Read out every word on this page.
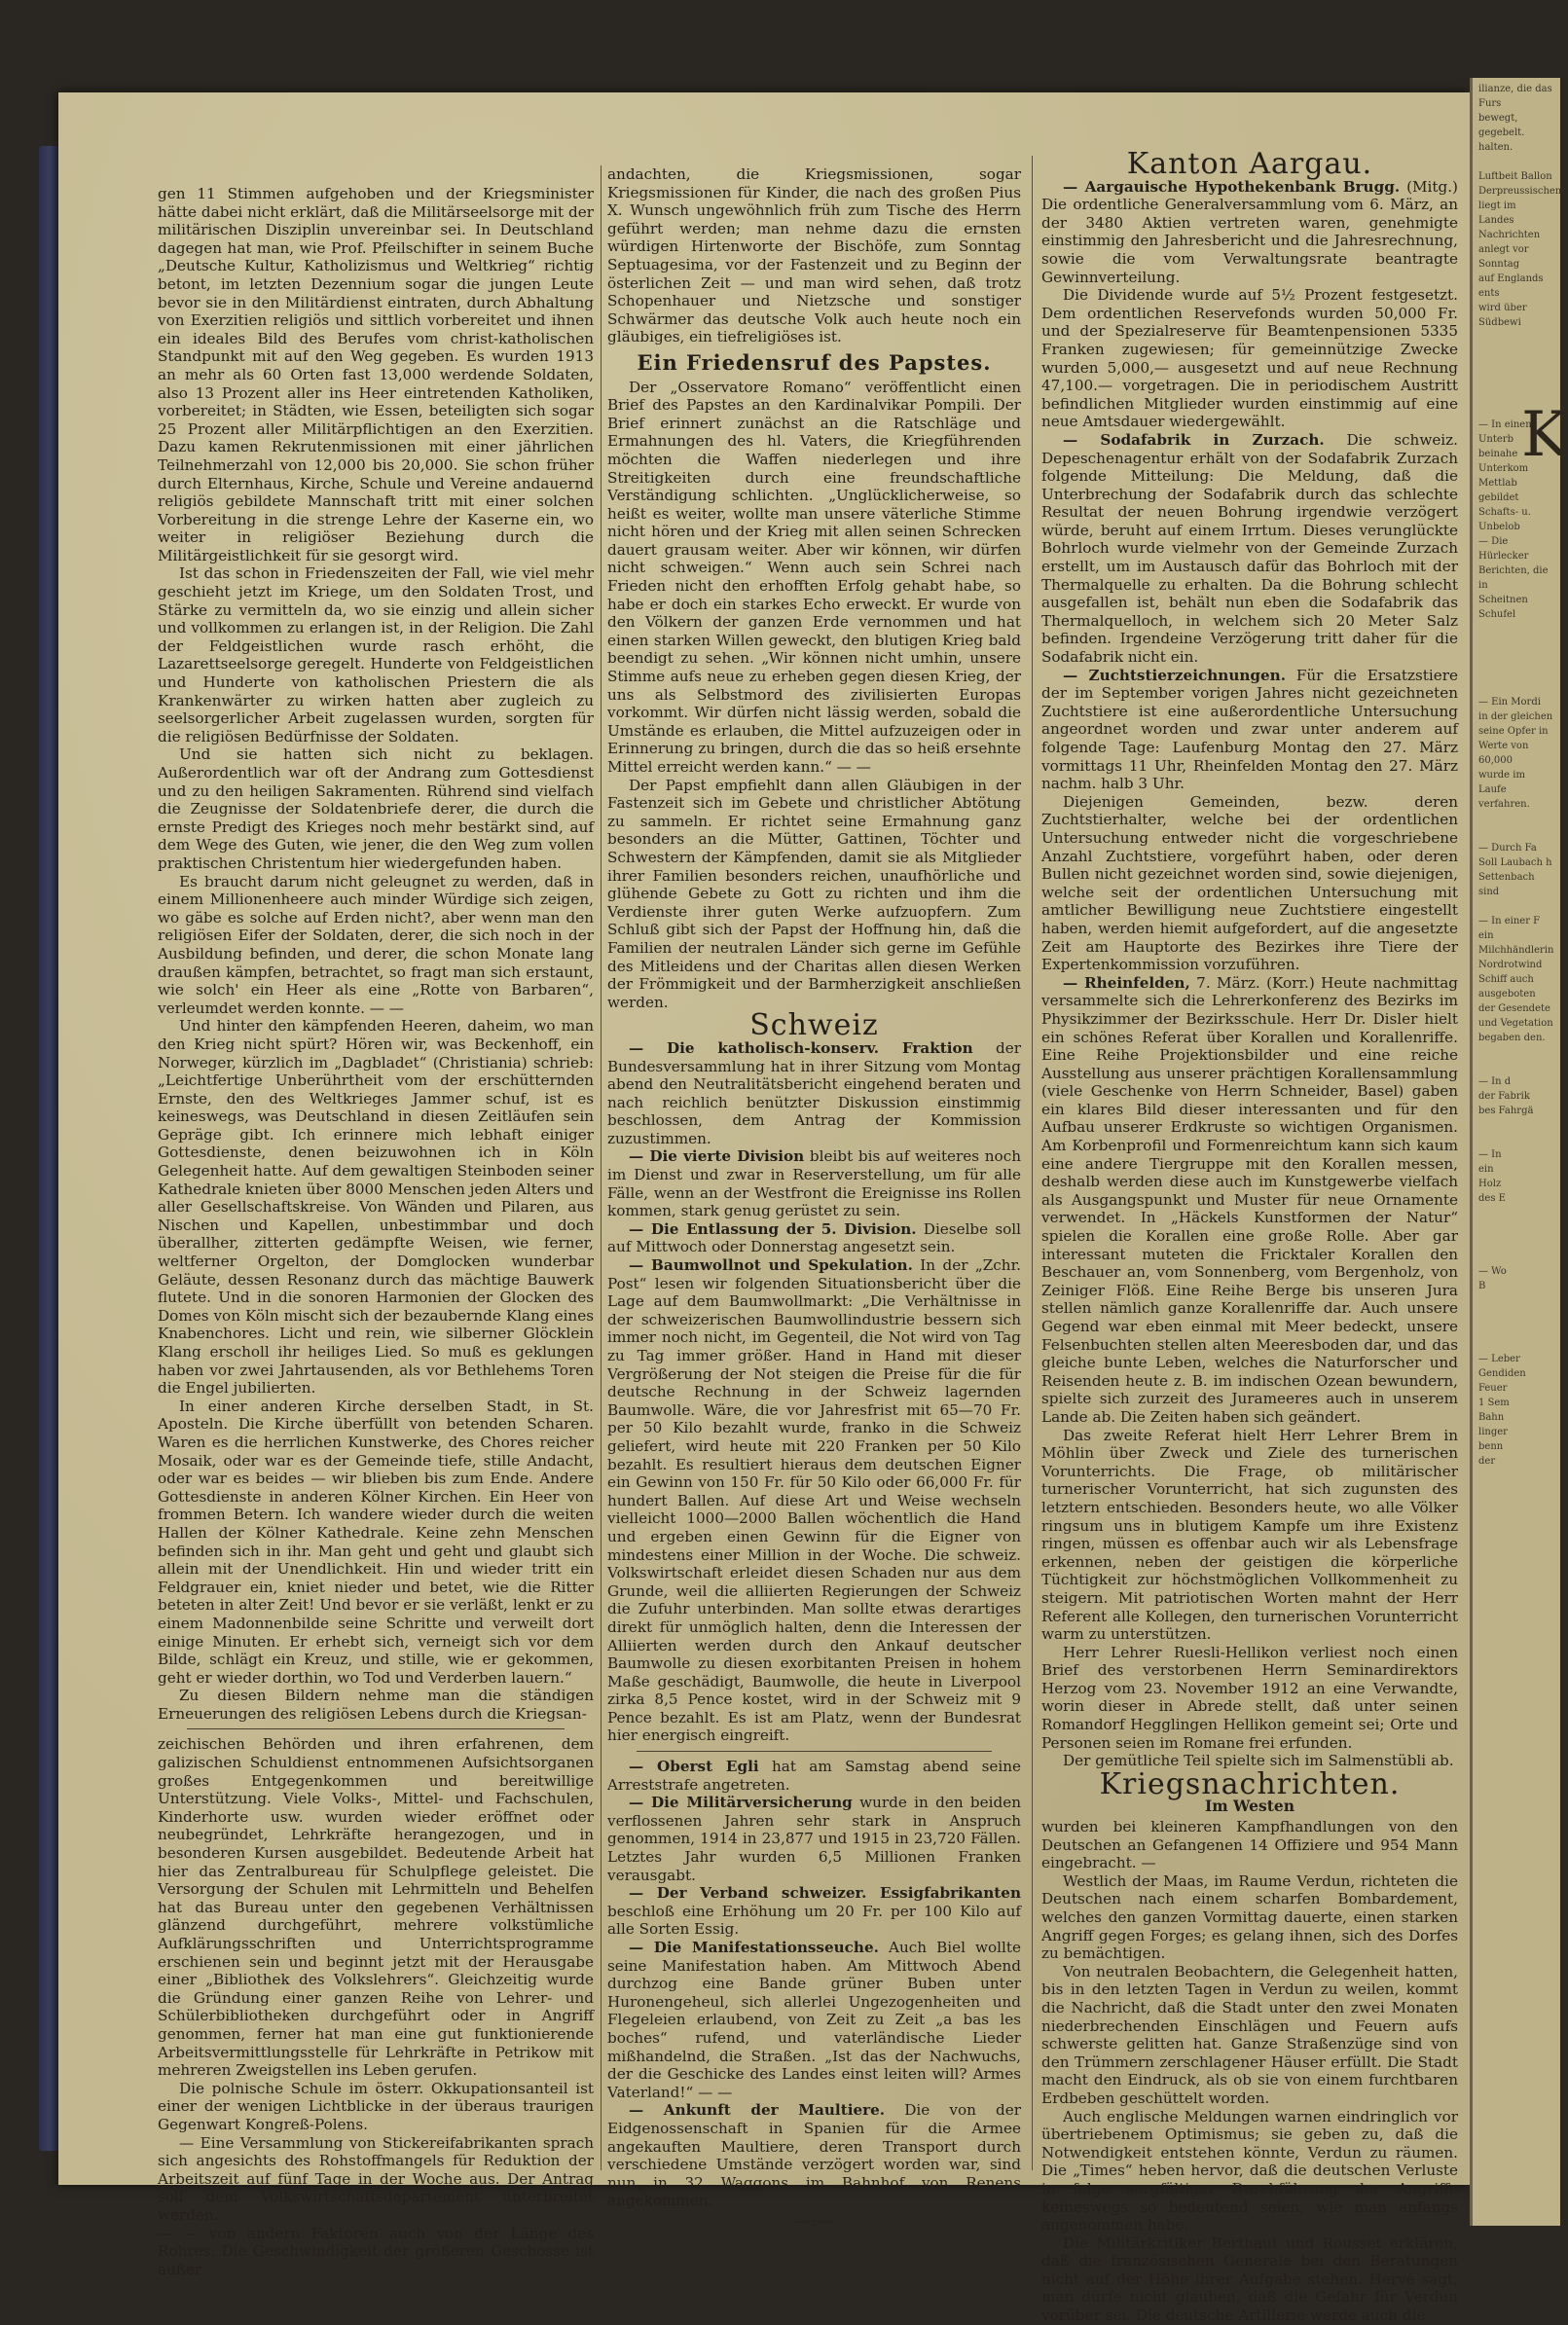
gen 11 Stimmen aufgehoben und der Kriegsminister hätte dabei nicht erklärt, daß die Militärseelsorge mit der militärischen Disziplin unvereinbar sei. In Deutschland dagegen hat man, wie Prof. Pfeilschifter in seinem Buche „Deutsche Kultur, Katholizismus und Weltkrieg“ richtig betont, im letzten Dezennium sogar die jungen Leute bevor sie in den Militärdienst eintraten, durch Abhaltung von Exerzitien religiös und sittlich vorbereitet und ihnen ein ideales Bild des Berufes vom christ-katholischen Standpunkt mit auf den Weg gegeben. Es wurden 1913 an mehr als 60 Orten fast 13,000 werdende Soldaten, also 13 Prozent aller ins Heer eintretenden Katholiken, vorbereitet; in Städten, wie Essen, beteiligten sich sogar 25 Prozent aller Militärpflichtigen an den Exerzitien. Dazu kamen Rekrutenmissionen mit einer jährlichen Teilnehmerzahl von 12,000 bis 20,000. Sie schon früher durch Elternhaus, Kirche, Schule und Vereine andauernd religiös gebildete Mannschaft tritt mit einer solchen Vorbereitung in die strenge Lehre der Kaserne ein, wo weiter in religiöser Beziehung durch die Militärgeistlichkeit für sie gesorgt wird.

Ist das schon in Friedenszeiten der Fall, wie viel mehr geschieht jetzt im Kriege, um den Soldaten Trost, und Stärke zu vermitteln da, wo sie einzig und allein sicher und vollkommen zu erlangen ist, in der Religion. Die Zahl der Feldgeistlichen wurde rasch erhöht, die Lazarettseelsorge geregelt. Hunderte von Feldgeistlichen und Hunderte von katholischen Priestern die als Krankenwärter zu wirken hatten aber zugleich zu seelsorgerlicher Arbeit zugelassen wurden, sorgten für die religiösen Bedürfnisse der Soldaten.

Und sie hatten sich nicht zu beklagen. Außerordentlich war oft der Andrang zum Gottesdienst und zu den heiligen Sakramenten. Rührend sind vielfach die Zeugnisse der Soldatenbriefe derer, die durch die ernste Predigt des Krieges noch mehr bestärkt sind, auf dem Wege des Guten, wie jener, die den Weg zum vollen praktischen Christentum hier wiedergefunden haben.

Es braucht darum nicht geleugnet zu werden, daß in einem Millionenheere auch minder Würdige sich zeigen, wo gäbe es solche auf Erden nicht?, aber wenn man den religiösen Eifer der Soldaten, derer, die sich noch in der Ausbildung befinden, und derer, die schon Monate lang draußen kämpfen, betrachtet, so fragt man sich erstaunt, wie solch' ein Heer als eine „Rotte von Barbaren“, verleumdet werden konnte. — —

Und hinter den kämpfenden Heeren, daheim, wo man den Krieg nicht spürt? Hören wir, was Beckenhoff, ein Norweger, kürzlich im „Dagbladet“ (Christiania) schrieb: „Leichtfertige Unberührtheit vom der erschütternden Ernste, den des Weltkrieges Jammer schuf, ist es keineswegs, was Deutschland in diesen Zeitläufen sein Gepräge gibt. Ich erinnere mich lebhaft einiger Gottesdienste, denen beizuwohnen ich in Köln Gelegenheit hatte. Auf dem gewaltigen Steinboden seiner Kathedrale knieten über 8000 Menschen jeden Alters und aller Gesellschaftskreise. Von Wänden und Pilaren, aus Nischen und Kapellen, unbestimmbar und doch überallher, zitterten gedämpfte Weisen, wie ferner, weltferner Orgelton, der Domglocken wunderbar Geläute, dessen Resonanz durch das mächtige Bauwerk flutete. Und in die sonoren Harmonien der Glocken des Domes von Köln mischt sich der bezaubernde Klang eines Knabenchores. Licht und rein, wie silberner Glöcklein Klang erscholl ihr heiliges Lied. So muß es geklungen haben vor zwei Jahrtausenden, als vor Bethlehems Toren die Engel jubilierten.

In einer anderen Kirche derselben Stadt, in St. Aposteln. Die Kirche überfüllt von betenden Scharen. Waren es die herrlichen Kunstwerke, des Chores reicher Mosaik, oder war es der Gemeinde tiefe, stille Andacht, oder war es beides — wir blieben bis zum Ende. Andere Gottesdienste in anderen Kölner Kirchen. Ein Heer von frommen Betern. Ich wandere wieder durch die weiten Hallen der Kölner Kathedrale. Keine zehn Menschen befinden sich in ihr. Man geht und geht und glaubt sich allein mit der Unendlichkeit. Hin und wieder tritt ein Feldgrauer ein, kniet nieder und betet, wie die Ritter beteten in alter Zeit! Und bevor er sie verläßt, lenkt er zu einem Madonnenbilde seine Schritte und verweilt dort einige Minuten. Er erhebt sich, verneigt sich vor dem Bilde, schlägt ein Kreuz, und stille, wie er gekommen, geht er wieder dorthin, wo Tod und Verderben lauern.“

Zu diesen Bildern nehme man die ständigen Erneuerungen des religiösen Lebens durch die Kriegsan-

zeichischen Behörden und ihren erfahrenen, dem galizischen Schuldienst entnommenen Aufsichtsorganen großes Entgegenkommen und bereitwillige Unterstützung. Viele Volks-, Mittel- und Fachschulen, Kinderhorte usw. wurden wieder eröffnet oder neubegründet, Lehrkräfte herangezogen, und in besonderen Kursen ausgebildet. Bedeutende Arbeit hat hier das Zentralbureau für Schulpflege geleistet. Die Versorgung der Schulen mit Lehrmitteln und Behelfen hat das Bureau unter den gegebenen Verhältnissen glänzend durchgeführt, mehrere volkstümliche Aufklärungsschriften und Unterrichtsprogramme erschienen sein und beginnt jetzt mit der Herausgabe einer „Bibliothek des Volkslehrers“. Gleichzeitig wurde die Gründung einer ganzen Reihe von Lehrer- und Schülerbibliotheken durchgeführt oder in Angriff genommen, ferner hat man eine gut funktionierende Arbeitsvermittlungsstelle für Lehrkräfte in Petrikow mit mehreren Zweigstellen ins Leben gerufen.

Die polnische Schule im österr. Okkupationsanteil ist einer der wenigen Lichtblicke in der überaus traurigen Gegenwart Kongreß-Polens.

— Eine Versammlung von Stickereifabrikanten sprach sich angesichts des Rohstoffmangels für Reduktion der Arbeitszeit auf fünf Tage in der Woche aus. Der Antrag soll dem Volkswirtschaftsdepartement unterbreitet werden.

— — von andern Faktoren auch von der Länge des Rohres. Die Geschwindigkeit der größeren Geschosse ist außer

andachten, die Kriegsmissionen, sogar Kriegsmissionen für Kinder, die nach des großen Pius X. Wunsch ungewöhnlich früh zum Tische des Herrn geführt werden; man nehme dazu die ernsten würdigen Hirtenworte der Bischöfe, zum Sonntag Septuagesima, vor der Fastenzeit und zu Beginn der österlichen Zeit — und man wird sehen, daß trotz Schopenhauer und Nietzsche und sonstiger Schwärmer das deutsche Volk auch heute noch ein gläubiges, ein tiefreligiöses ist.

Ein Friedensruf des Papstes.

Der „Osservatore Romano“ veröffentlicht einen Brief des Papstes an den Kardinalvikar Pompili. Der Brief erinnert zunächst an die Ratschläge und Ermahnungen des hl. Vaters, die Kriegführenden möchten die Waffen niederlegen und ihre Streitigkeiten durch eine freundschaftliche Verständigung schlichten. „Unglücklicherweise, so heißt es weiter, wollte man unsere väterliche Stimme nicht hören und der Krieg mit allen seinen Schrecken dauert grausam weiter. Aber wir können, wir dürfen nicht schweigen.“ Wenn auch sein Schrei nach Frieden nicht den erhofften Erfolg gehabt habe, so habe er doch ein starkes Echo erweckt. Er wurde von den Völkern der ganzen Erde vernommen und hat einen starken Willen geweckt, den blutigen Krieg bald beendigt zu sehen. „Wir können nicht umhin, unsere Stimme aufs neue zu erheben gegen diesen Krieg, der uns als Selbstmord des zivilisierten Europas vorkommt. Wir dürfen nicht lässig werden, sobald die Umstände es erlauben, die Mittel aufzuzeigen oder in Erinnerung zu bringen, durch die das so heiß ersehnte Mittel erreicht werden kann.“ — —

Der Papst empfiehlt dann allen Gläubigen in der Fastenzeit sich im Gebete und christlicher Abtötung zu sammeln. Er richtet seine Ermahnung ganz besonders an die Mütter, Gattinen, Töchter und Schwestern der Kämpfenden, damit sie als Mitglieder ihrer Familien besonders reichen, unaufhörliche und glühende Gebete zu Gott zu richten und ihm die Verdienste ihrer guten Werke aufzuopfern. Zum Schluß gibt sich der Papst der Hoffnung hin, daß die Familien der neutralen Länder sich gerne im Gefühle des Mitleidens und der Charitas allen diesen Werken der Frömmigkeit und der Barmherzigkeit anschließen werden.

Schweiz

— Die katholisch-konserv. Fraktion der Bundesversammlung hat in ihrer Sitzung vom Montag abend den Neutralitätsbericht eingehend beraten und nach reichlich benützter Diskussion einstimmig beschlossen, dem Antrag der Kommission zuzustimmen.

— Die vierte Division bleibt bis auf weiteres noch im Dienst und zwar in Reserverstellung, um für alle Fälle, wenn an der Westfront die Ereignisse ins Rollen kommen, stark genug gerüstet zu sein.

— Die Entlassung der 5. Division. Dieselbe soll auf Mittwoch oder Donnerstag angesetzt sein.

— Baumwollnot und Spekulation. In der „Zchr. Post“ lesen wir folgenden Situationsbericht über die Lage auf dem Baumwollmarkt: „Die Verhältnisse in der schweizerischen Baumwollindustrie bessern sich immer noch nicht, im Gegenteil, die Not wird von Tag zu Tag immer größer. Hand in Hand mit dieser Vergrößerung der Not steigen die Preise für die für deutsche Rechnung in der Schweiz lagernden Baumwolle. Wäre, die vor Jahresfrist mit 65—70 Fr. per 50 Kilo bezahlt wurde, franko in die Schweiz geliefert, wird heute mit 220 Franken per 50 Kilo bezahlt. Es resultiert hieraus dem deutschen Eigner ein Gewinn von 150 Fr. für 50 Kilo oder 66,000 Fr. für hundert Ballen. Auf diese Art und Weise wechseln vielleicht 1000—2000 Ballen wöchentlich die Hand und ergeben einen Gewinn für die Eigner von mindestens einer Million in der Woche. Die schweiz. Volkswirtschaft erleidet diesen Schaden nur aus dem Grunde, weil die alliierten Regierungen der Schweiz die Zufuhr unterbinden. Man sollte etwas derartiges direkt für unmöglich halten, denn die Interessen der Alliierten werden durch den Ankauf deutscher Baumwolle zu diesen exorbitanten Preisen in hohem Maße geschädigt, Baumwolle, die heute in Liverpool zirka 8,5 Pence kostet, wird in der Schweiz mit 9 Pence bezahlt. Es ist am Platz, wenn der Bundesrat hier energisch eingreift.

— Oberst Egli hat am Samstag abend seine Arreststrafe angetreten.

— Die Militärversicherung wurde in den beiden verflossenen Jahren sehr stark in Anspruch genommen, 1914 in 23,877 und 1915 in 23,720 Fällen. Letztes Jahr wurden 6,5 Millionen Franken verausgabt.

— Der Verband schweizer. Essigfabrikanten beschloß eine Erhöhung um 20 Fr. per 100 Kilo auf alle Sorten Essig.

— Die Manifestationsseuche. Auch Biel wollte seine Manifestation haben. Am Mittwoch Abend durchzog eine Bande grüner Buben unter Huronengeheul, sich allerlei Ungezogenheiten und Flegeleien erlaubend, von Zeit zu Zeit „a bas les boches“ rufend, und vaterländische Lieder mißhandelnd, die Straßen. „Ist das der Nachwuchs, der die Geschicke des Landes einst leiten will? Armes Vaterland!“ — —

— Ankunft der Maultiere. Die von der Eidgenossenschaft in Spanien für die Armee angekauften Maultiere, deren Transport durch verschiedene Umstände verzögert worden war, sind nun in 32 Waggons im Bahnhof von Renens angekommen.

—:—
Kanton Aargau.

— Aargauische Hypothekenbank Brugg. (Mitg.) Die ordentliche Generalversammlung vom 6. März, an der 3480 Aktien vertreten waren, genehmigte einstimmig den Jahresbericht und die Jahresrechnung, sowie die vom Verwaltungsrate beantragte Gewinnverteilung.

Die Dividende wurde auf 5½ Prozent festgesetzt. Dem ordentlichen Reservefonds wurden 50,000 Fr. und der Spezialreserve für Beamtenpensionen 5335 Franken zugewiesen; für gemeinnützige Zwecke wurden 5,000,— ausgesetzt und auf neue Rechnung 47,100.— vorgetragen. Die in periodischem Austritt befindlichen Mitglieder wurden einstimmig auf eine neue Amtsdauer wiedergewählt.

— Sodafabrik in Zurzach. Die schweiz. Depeschenagentur erhält von der Sodafabrik Zurzach folgende Mitteilung: Die Meldung, daß die Unterbrechung der Sodafabrik durch das schlechte Resultat der neuen Bohrung irgendwie verzögert würde, beruht auf einem Irrtum. Dieses verunglückte Bohrloch wurde vielmehr von der Gemeinde Zurzach erstellt, um im Austausch dafür das Bohrloch mit der Thermalquelle zu erhalten. Da die Bohrung schlecht ausgefallen ist, behält nun eben die Sodafabrik das Thermalquelloch, in welchem sich 20 Meter Salz befinden. Irgendeine Verzögerung tritt daher für die Sodafabrik nicht ein.

— Zuchtstierzeichnungen. Für die Ersatzstiere der im September vorigen Jahres nicht gezeichneten Zuchtstiere ist eine außerordentliche Untersuchung angeordnet worden und zwar unter anderem auf folgende Tage: Laufenburg Montag den 27. März vormittags 11 Uhr, Rheinfelden Montag den 27. März nachm. halb 3 Uhr.

Diejenigen Gemeinden, bezw. deren Zuchtstierhalter, welche bei der ordentlichen Untersuchung entweder nicht die vorgeschriebene Anzahl Zuchtstiere, vorgeführt haben, oder deren Bullen nicht gezeichnet worden sind, sowie diejenigen, welche seit der ordentlichen Untersuchung mit amtlicher Bewilligung neue Zuchtstiere eingestellt haben, werden hiemit aufgefordert, auf die angesetzte Zeit am Hauptorte des Bezirkes ihre Tiere der Expertenkommission vorzuführen.

— Rheinfelden, 7. März. (Korr.) Heute nachmittag versammelte sich die Lehrerkonferenz des Bezirks im Physikzimmer der Bezirksschule. Herr Dr. Disler hielt ein schönes Referat über Korallen und Korallenriffe. Eine Reihe Projektionsbilder und eine reiche Ausstellung aus unserer prächtigen Korallensammlung (viele Geschenke von Herrn Schneider, Basel) gaben ein klares Bild dieser interessanten und für den Aufbau unserer Erdkruste so wichtigen Organismen. Am Korbenprofil und Formenreichtum kann sich kaum eine andere Tiergruppe mit den Korallen messen, deshalb werden diese auch im Kunstgewerbe vielfach als Ausgangspunkt und Muster für neue Ornamente verwendet. In „Häckels Kunstformen der Natur“ spielen die Korallen eine große Rolle. Aber gar interessant muteten die Fricktaler Korallen den Beschauer an, vom Sonnenberg, vom Bergenholz, von Zeiniger Flöß. Eine Reihe Berge bis unseren Jura stellen nämlich ganze Korallenriffe dar. Auch unsere Gegend war eben einmal mit Meer bedeckt, unsere Felsenbuchten stellen alten Meeresboden dar, und das gleiche bunte Leben, welches die Naturforscher und Reisenden heute z. B. im indischen Ozean bewundern, spielte sich zurzeit des Jurameeres auch in unserem Lande ab. Die Zeiten haben sich geändert.

Das zweite Referat hielt Herr Lehrer Brem in Möhlin über Zweck und Ziele des turnerischen Vorunterrichts. Die Frage, ob militärischer turnerischer Vorunterricht, hat sich zugunsten des letztern entschieden. Besonders heute, wo alle Völker ringsum uns in blutigem Kampfe um ihre Existenz ringen, müssen es offenbar auch wir als Lebensfrage erkennen, neben der geistigen die körperliche Tüchtigkeit zur höchstmöglichen Vollkommenheit zu steigern. Mit patriotischen Worten mahnt der Herr Referent alle Kollegen, den turnerischen Vorunterricht warm zu unterstützen.

Herr Lehrer Ruesli-Hellikon verliest noch einen Brief des verstorbenen Herrn Seminardirektors Herzog vom 23. November 1912 an eine Verwandte, worin dieser in Abrede stellt, daß unter seinen Romandorf Hegglingen Hellikon gemeint sei; Orte und Personen seien im Romane frei erfunden.

Der gemütliche Teil spielte sich im Salmenstübli ab.

Kriegsnachrichten.
Im Westen

wurden bei kleineren Kampfhandlungen von den Deutschen an Gefangenen 14 Offiziere und 954 Mann eingebracht. —

Westlich der Maas, im Raume Verdun, richteten die Deutschen nach einem scharfen Bombardement, welches den ganzen Vormittag dauerte, einen starken Angriff gegen Forges; es gelang ihnen, sich des Dorfes zu bemächtigen.

Von neutralen Beobachtern, die Gelegenheit hatten, bis in den letzten Tagen in Verdun zu weilen, kommt die Nachricht, daß die Stadt unter den zwei Monaten niederbrechenden Einschlägen und Feuern aufs schwerste gelitten hat. Ganze Straßenzüge sind von den Trümmern zerschlagener Häuser erfüllt. Die Stadt macht den Eindruck, als ob sie von einem furchtbaren Erdbeben geschüttelt worden.

Auch englische Meldungen warnen eindringlich vor übertriebenem Optimismus; sie geben zu, daß die Notwendigkeit entstehen könnte, Verdun zu räumen. Die „Times“ heben hervor, daß die deutschen Verluste in folge sorgfältiger Durchführung der Angriffe keineswegs so bedeutend seien, wie man anfangs angenommen habe.

Die Militärkritiker Berthaut und Rousset erklären, daß die französischen Generale bei den Beratungen nicht auf der Höhe ihrer Aufgabe stehen. Hervé sagt, man dürfe nicht glauben, daß die Gefahr für Verdun vorüber sei. Die deutsche Artillerie werde auch die

ilianze, die das Furs
bewegt, gegebelt.
halten.

Luftbeit Ballon
Derpreussischen
liegt im Landes
Nachrichten
anlegt vor Sonntag
auf Englands ents
wird über Südbewi

— In einem Unterb
beinahe Unterkom
Mettlab gebildet
Schafts- u. Unbelob
— Die Hürlecker
Berichten, die in
Scheitnen Schufel

— Ein Mordi
in der gleichen
seine Opfer in
Werte von 60,000
wurde im Laufe
verfahren.

— Durch Fa
Soll Laubach h
Settenbach sind

— In einer F
ein Milchhändlerin
Nordrotwind
Schiff auch
ausgeboten
der Gesendete
und Vegetation
begaben den.

— In d
der Fabrik
bes Fahrgä

— In
ein
Holz
des E

— Wo
B

— Leber
Gendiden
Feuer
1 Sem
Bahn
linger
benn
der
K
